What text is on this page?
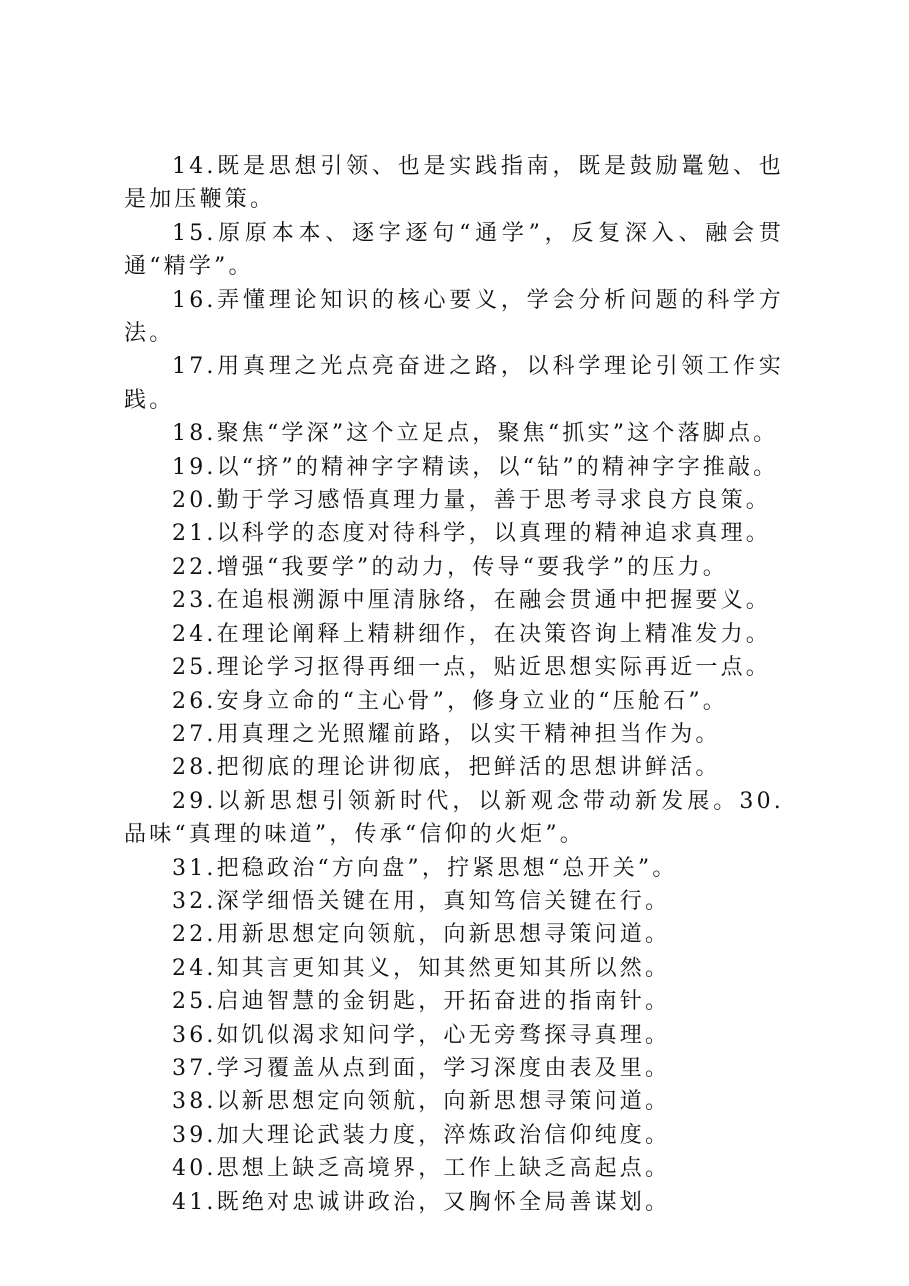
14.既是思想引领、也是实践指南，既是鼓励鼍勉、也是加压鞭策。

15.原原本本、逐字逐句“通学”，反复深入、融会贯通“精学”。

16.弄懂理论知识的核心要义，学会分析问题的科学方法。

17.用真理之光点亮奋进之路，以科学理论引领工作实践。

18.聚焦“学深”这个立足点，聚焦“抓实”这个落脚点。

19.以“挤”的精神字字精读，以“钻”的精神字字推敲。

20.勤于学习感悟真理力量，善于思考寻求良方良策。

21.以科学的态度对待科学，以真理的精神追求真理。

22.增强“我要学”的动力，传导“要我学”的压力。

23.在追根溯源中厘清脉络，在融会贯通中把握要义。

24.在理论阐释上精耕细作，在决策咨询上精准发力。

25.理论学习抠得再细一点，贴近思想实际再近一点。

26.安身立命的“主心骨”，修身立业的“压舱石”。

27.用真理之光照耀前路，以实干精神担当作为。

28.把彻底的理论讲彻底，把鲜活的思想讲鲜活。

29.以新思想引领新时代，以新观念带动新发展。30.品味“真理的味道”，传承“信仰的火炬”。

31.把稳政治“方向盘”，拧紧思想“总开关”。

32.深学细悟关键在用，真知笃信关键在行。

22.用新思想定向领航，向新思想寻策问道。

24.知其言更知其义，知其然更知其所以然。

25.启迪智慧的金钥匙，开拓奋进的指南针。

36.如饥似渴求知问学，心无旁骛探寻真理。

37.学习覆盖从点到面，学习深度由表及里。

38.以新思想定向领航，向新思想寻策问道。

39.加大理论武装力度，淬炼政治信仰纯度。

40.思想上缺乏高境界，工作上缺乏高起点。

41.既绝对忠诚讲政治，又胸怀全局善谋划。
